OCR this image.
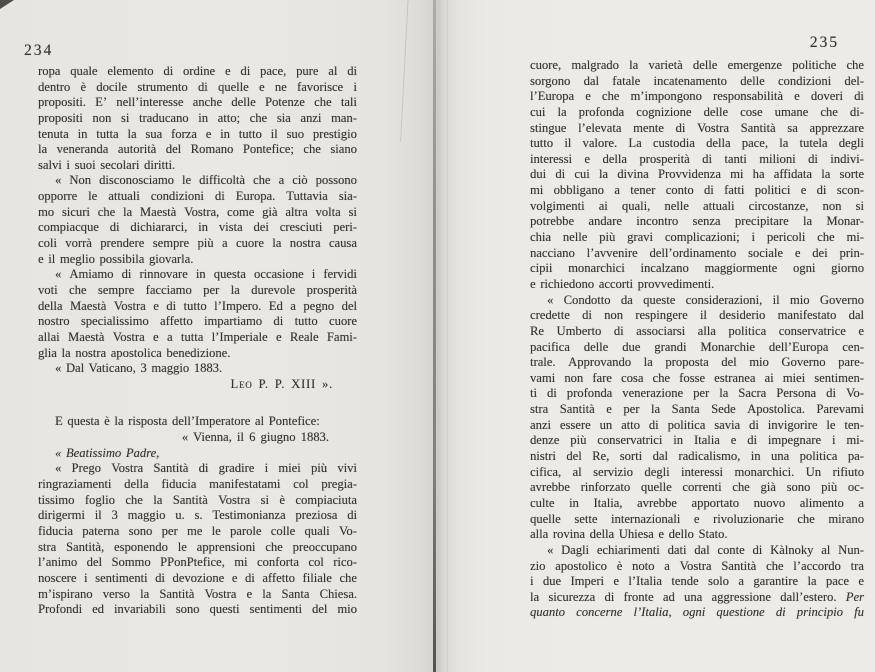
234
ropa quale elemento di ordine e di pace, pure al di
dentro è docile strumento di quelle e ne favorisce i
propositi. E’ nell’interesse anche delle Potenze che tali
propositi non si traducano in atto; che sia anzi man-
tenuta in tutta la sua forza e in tutto il suo prestigio
la veneranda autorità del Romano Pontefice; che siano
salvi i suoi secolari diritti.
« Non disconosciamo le difficoltà che a ciò possono
opporre le attuali condizioni di Europa. Tuttavia sia-
mo sicuri che la Maestà Vostra, come già altra volta si
compiacque di dichiararci, in vista dei cresciuti peri-
coli vorrà prendere sempre più a cuore la nostra causa
e il meglio possibila giovarla.
« Amiamo di rinnovare in questa occasione i fervidi
voti che sempre facciamo per la durevole prosperità
della Maestà Vostra e di tutto l’Impero. Ed a pegno del
nostro specialissimo affetto impartiamo di tutto cuore
allai Maestà Vostra e a tutta l’Imperiale e Reale Fami-
glia la nostra apostolica benedizione.
« Dal Vaticano, 3 maggio 1883.
Leo P. P. XIII ».
E questa è la risposta dell’Imperatore al Pontefice:
« Vienna, il 6 giugno 1883.
« Beatissimo Padre,
« Prego Vostra Santità di gradire i miei più vivi
ringraziamenti della fiducia manifestatami col pregia-
tissimo foglio che la Santità Vostra si è compiaciuta
dirigermi il 3 maggio u. s. Testimonianza preziosa di
fiducia paterna sono per me le parole colle quali Vo-
stra Santità, esponendo le apprensioni che preoccupano
l’animo del Sommo PPonPtefice, mi conforta col rico-
noscere i sentimenti di devozione e di affetto filiale che
m’ispirano verso la Santità Vostra e la Santa Chiesa.
Profondi ed invariabili sono questi sentimenti del mio
235
cuore, malgrado la varietà delle emergenze politiche che
sorgono dal fatale incatenamento delle condizioni del-
l’Europa e che m’impongono responsabilità e doveri di
cui la profonda cognizione delle cose umane che di-
stingue l’elevata mente di Vostra Santità sa apprezzare
tutto il valore. La custodia della pace, la tutela degli
interessi e della prosperità di tanti milioni di indivi-
dui di cui la divina Provvidenza mi ha affidata la sorte
mi obbligano a tener conto di fatti politici e di scon-
volgimenti ai quali, nelle attuali circostanze, non si
potrebbe andare incontro senza precipitare la Monar-
chia nelle più gravi complicazioni; i pericoli che mi-
nacciano l’avvenire dell’ordinamento sociale e dei prin-
cipii monarchici incalzano maggiormente ogni giorno
e richiedono accorti provvedimenti.
« Condotto da queste considerazioni, il mio Governo
credette di non respingere il desiderio manifestato dal
Re Umberto di associarsi alla politica conservatrice e
pacifica delle due grandi Monarchie dell’Europa cen-
trale. Approvando la proposta del mio Governo pare-
vami non fare cosa che fosse estranea ai miei sentimen-
ti di profonda venerazione per la Sacra Persona di Vo-
stra Santità e per la Santa Sede Apostolica. Parevami
anzi essere un atto di politica savia di invigorire le ten-
denze più conservatrici in Italia e di impegnare i mi-
nistri del Re, sorti dal radicalismo, in una politica pa-
cifica, al servizio degli interessi monarchici. Un rifiuto
avrebbe rinforzato quelle correnti che già sono più oc-
culte in Italia, avrebbe apportato nuovo alimento a
quelle sette internazionali e rivoluzionarie che mirano
alla rovina della Uhiesa e dello Stato.
« Dagli echiarimenti dati dal conte di Kàlnoky al Nun-
zio apostolico è noto a Vostra Santità che l’accordo tra
i due Imperi e l’Italia tende solo a garantire la pace e
la sicurezza di fronte ad una aggressione dall’estero. Per
quanto concerne l’Italia, ogni questione di principio fu
